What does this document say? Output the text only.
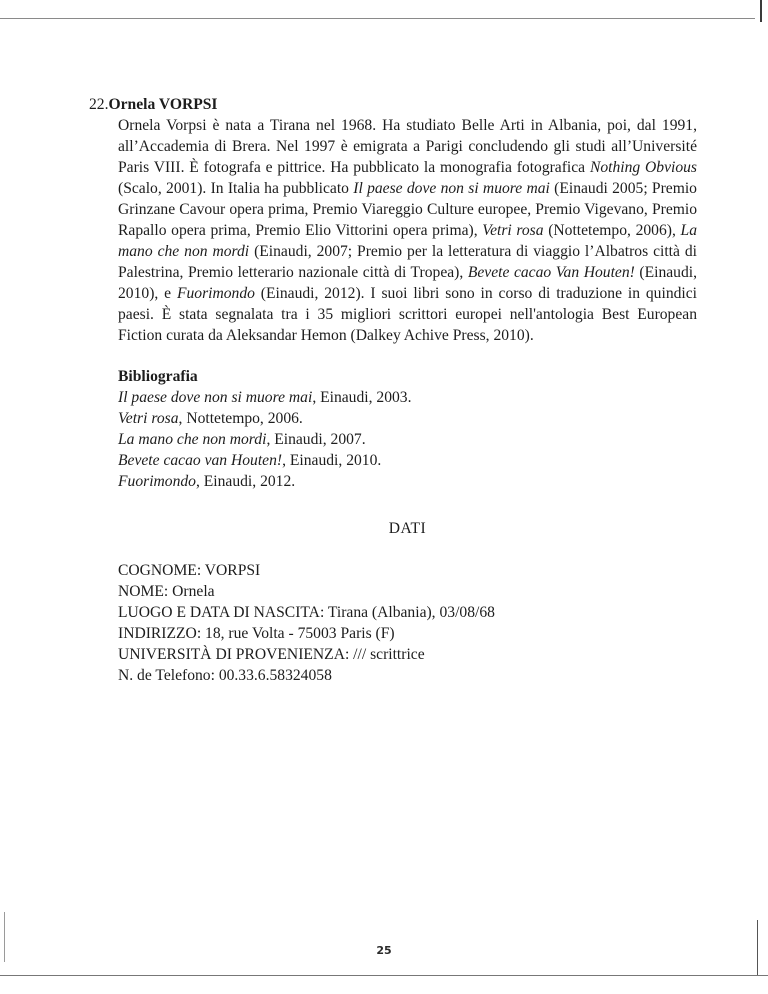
22.Ornela VORPSI

Ornela Vorpsi è nata a Tirana nel 1968. Ha studiato Belle Arti in Albania, poi, dal 1991, all’Accademia di Brera. Nel 1997 è emigrata a Parigi concludendo gli studi all’Université Paris VIII. È fotografa e pittrice. Ha pubblicato la monografia fotografica Nothing Obvious (Scalo, 2001). In Italia ha pubblicato Il paese dove non si muore mai (Einaudi 2005; Premio Grinzane Cavour opera prima, Premio Viareggio Culture europee, Premio Vigevano, Premio Rapallo opera prima, Premio Elio Vittorini opera prima), Vetri rosa (Nottetempo, 2006), La mano che non mordi (Einaudi, 2007; Premio per la letteratura di viaggio l’Albatros città di Palestrina, Premio letterario nazionale città di Tropea), Bevete cacao Van Houten! (Einaudi, 2010), e Fuorimondo (Einaudi, 2012). I suoi libri sono in corso di traduzione in quindici paesi. È stata segnalata tra i 35 migliori scrittori europei nell'antologia Best European Fiction curata da Aleksandar Hemon (Dalkey Achive Press, 2010).

Bibliografia

Il paese dove non si muore mai, Einaudi, 2003.
Vetri rosa, Nottetempo, 2006.
La mano che non mordi, Einaudi, 2007.
Bevete cacao van Houten!, Einaudi, 2010.
Fuorimondo, Einaudi, 2012.

DATI

COGNOME: VORPSI
NOME: Ornela
LUOGO E DATA DI NASCITA: Tirana (Albania), 03/08/68
INDIRIZZO: 18, rue Volta - 75003 Paris (F)
UNIVERSITÀ DI PROVENIENZA: /// scrittrice
N. de Telefono: 00.33.6.58324058
25
